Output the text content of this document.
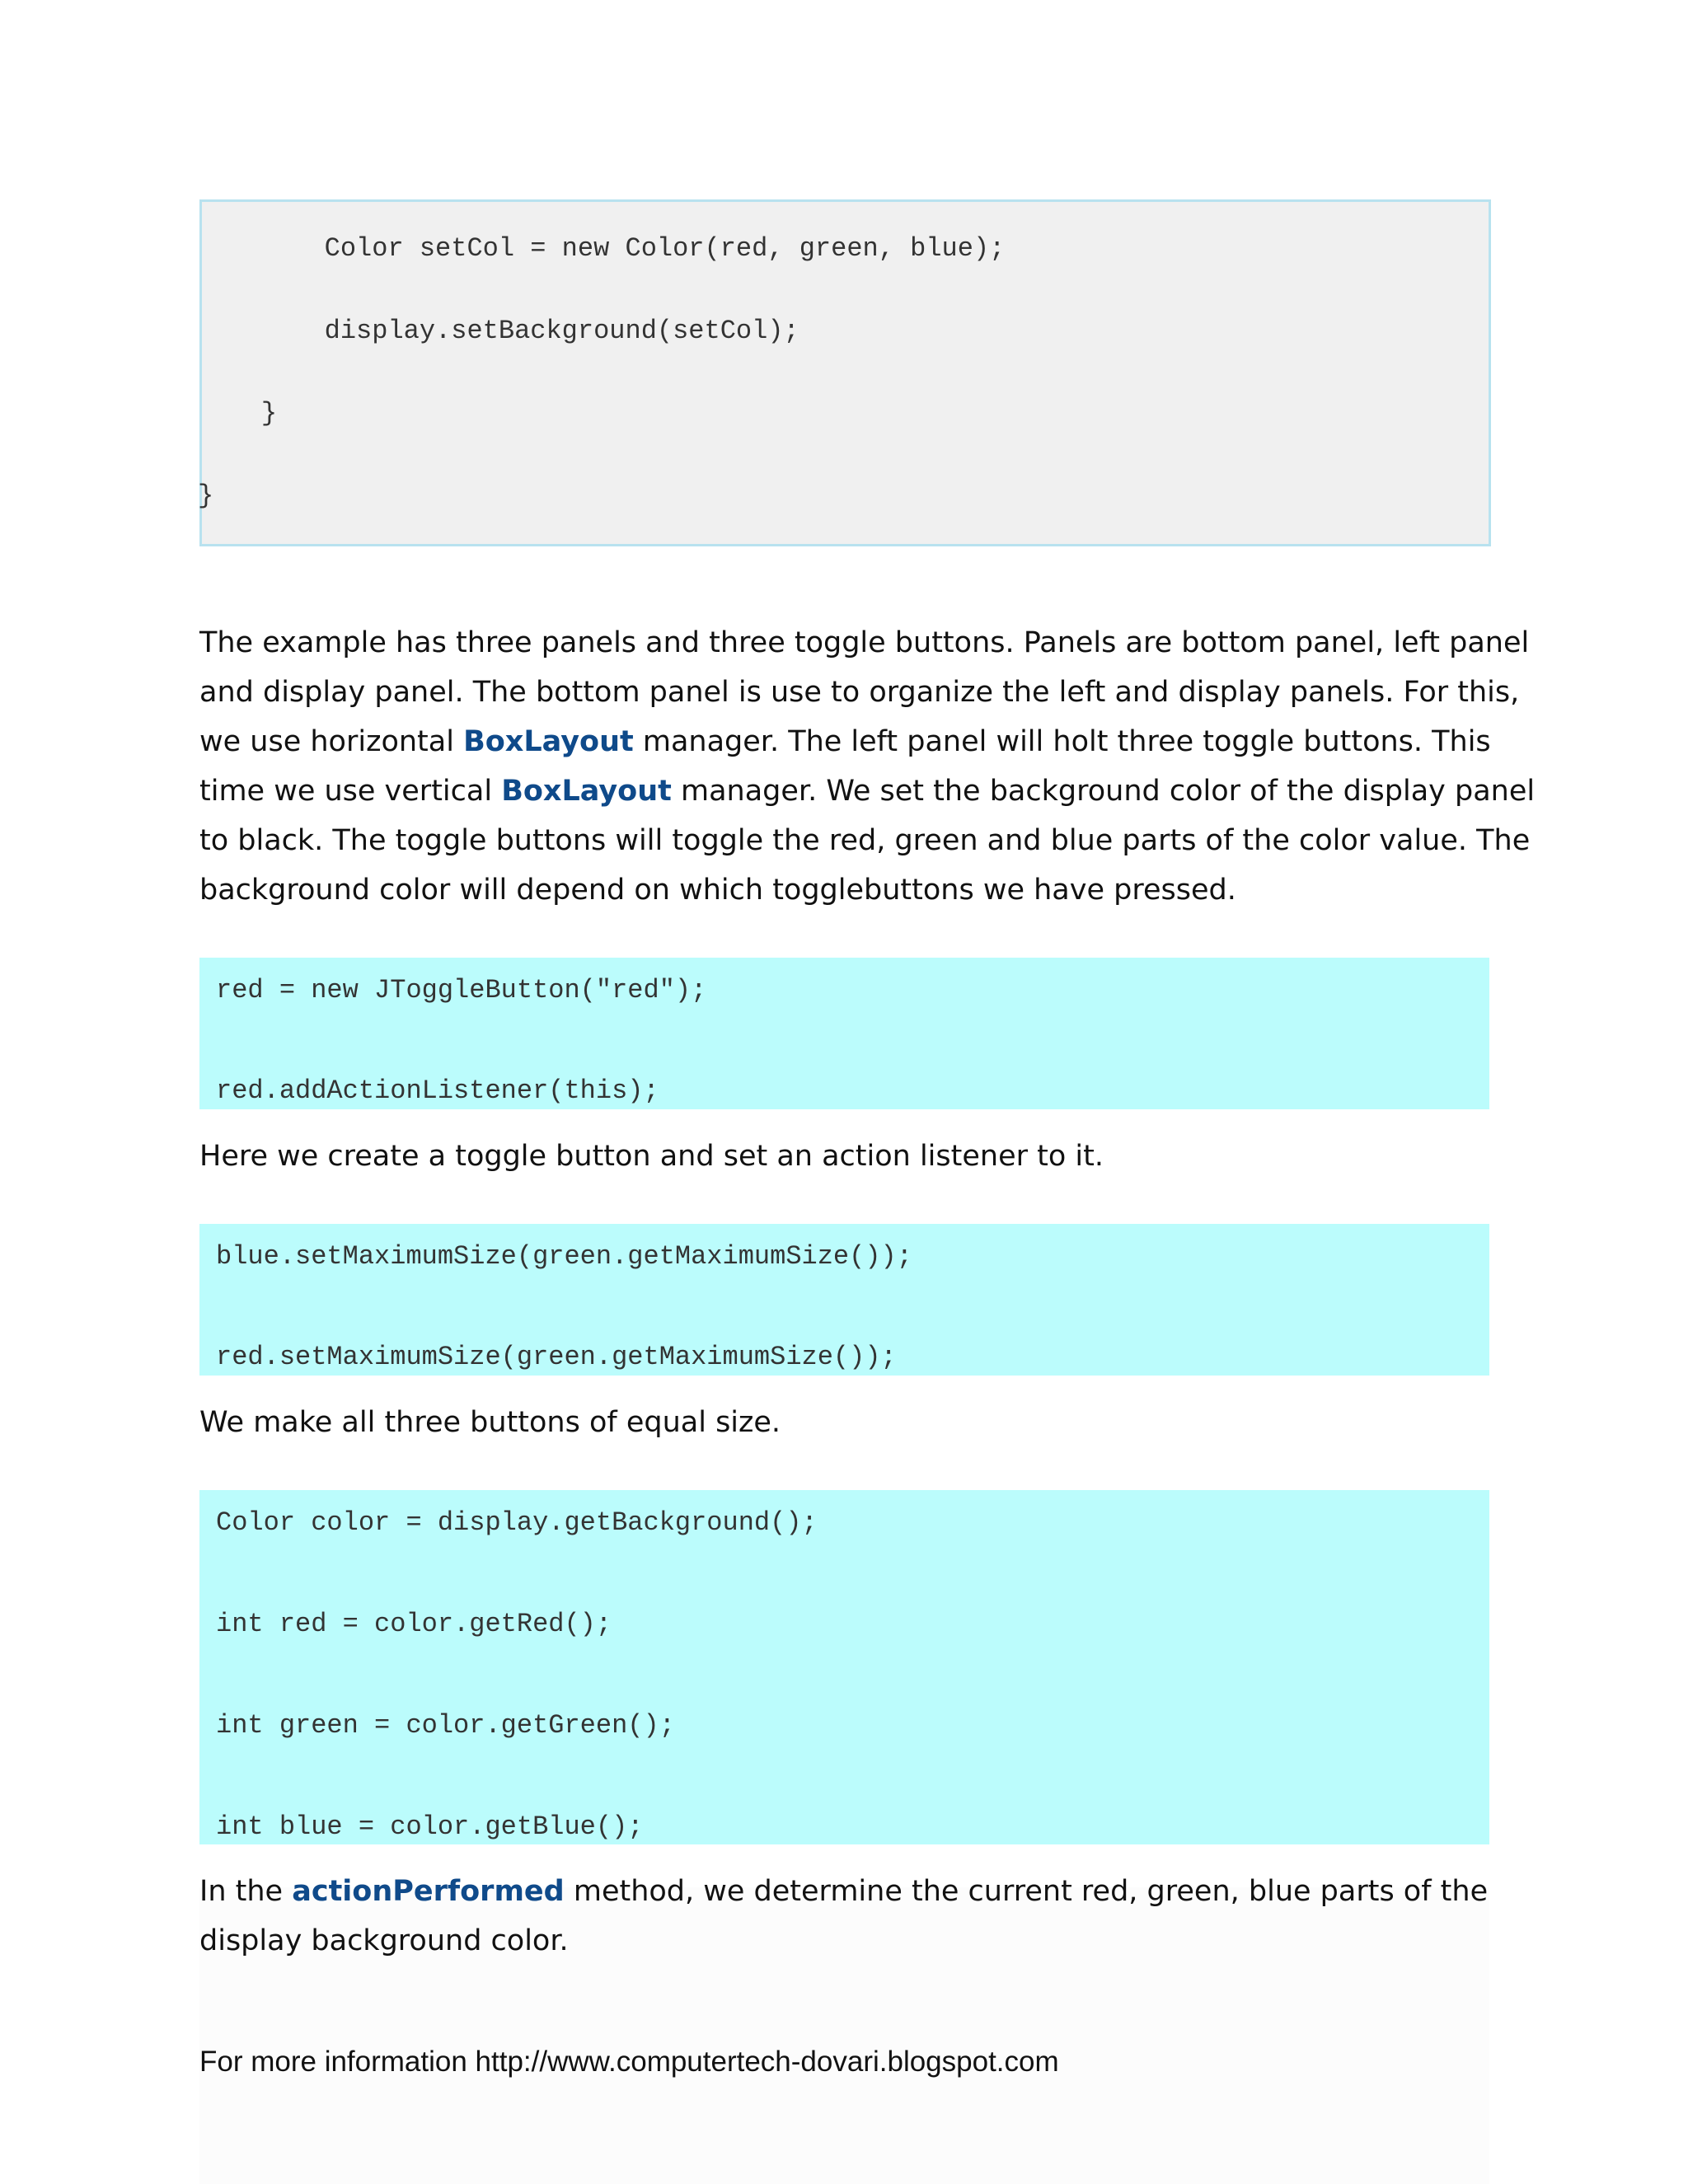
Color setCol = new Color(red, green, blue);
display.setBackground(setCol);
}
}
The example has three panels and three toggle buttons. Panels are bottom panel, left panel
and display panel. The bottom panel is use to organize the left and display panels. For this,
we use horizontal BoxLayout manager. The left panel will holt three toggle buttons. This
time we use vertical BoxLayout manager. We set the background color of the display panel
to black. The toggle buttons will toggle the red, green and blue parts of the color value. The
background color will depend on which togglebuttons we have pressed.
red = new JToggleButton("red");
red.addActionListener(this);
Here we create a toggle button and set an action listener to it.
blue.setMaximumSize(green.getMaximumSize());
red.setMaximumSize(green.getMaximumSize());
We make all three buttons of equal size.
Color color = display.getBackground();
int red = color.getRed();
int green = color.getGreen();
int blue = color.getBlue();
In the actionPerformed method, we determine the current red, green, blue parts of the
display background color.
For more information http://www.computertech-dovari.blogspot.com
